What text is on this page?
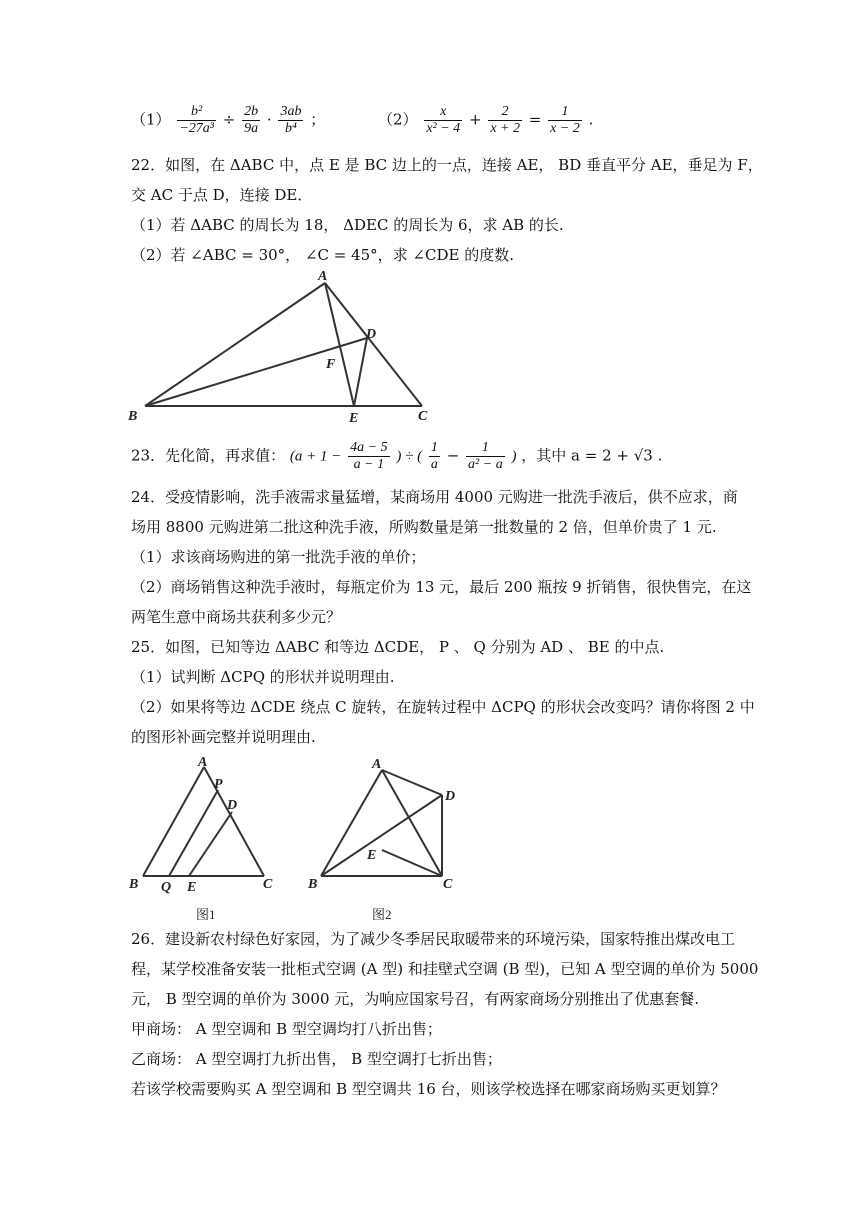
$(1) \frac{\text{b²}}{\text{−27a³}} \div \frac{2b}{9a} \cdot \frac{3ab}{\text{b⁴}}$ ；	$(2) \frac{x}{\text{x² − 4}} + \frac{2}{x + 2} = \frac{1}{x - 2}$ .
22．如图，在 ΔABC 中，点 E 是 BC 边上的一点，连接 AE， BD 垂直平分 AE，垂足为 F，
交 AC 于点 D，连接 DE．
（1）若 ΔABC 的周长为 18， ΔDEC 的周长为 6，求 AB 的长.
（2）若 ∠ABC = 30°， ∠C = 45°，求 ∠CDE 的度数.
A
B	C
D
E
F
23．先化简，再求值： ($a + 1 - \frac{4a - 5}{a - 1}$ ) ÷ ( $\frac{1}{a} - \frac{1}{\text{a² − a}}$ ) ，其中 a = 2 + √3 .
24．受疫情影响，洗手液需求量猛增，某商场用 4000 元购进一批洗手液后，供不应求，商
场用 8800 元购进第二批这种洗手液，所购数量是第一批数量的 2 倍，但单价贵了 1 元.
（1）求该商场购进的第一批洗手液的单价；
（2）商场销售这种洗手液时，每瓶定价为 13 元，最后 200 瓶按 9 折销售，很快售完，在这
两笔生意中商场共获利多少元？
25．如图，已知等边 ΔABC 和等边 ΔCDE， P 、 Q 分别为 AD 、 BE 的中点.
（1）试判断 ΔCPQ 的形状并说明理由.
（2）如果将等边 ΔCDE 绕点 C 旋转，在旋转过程中 ΔCPQ 的形状会改变吗？请你将图 2 中
的图形补画完整并说明理由.
A
P
D
B Q E	C
图1
A
D
E
B	C
图2
26．建设新农村绿色好家园，为了减少冬季居民取暖带来的环境污染，国家特推出煤改电工
程，某学校准备安装一批柜式空调 (A 型) 和挂壁式空调 (B 型)，已知 A 型空调的单价为 5000
元， B 型空调的单价为 3000 元，为响应国家号召，有两家商场分别推出了优惠套餐.
甲商场： A 型空调和 B 型空调均打八折出售；
乙商场： A 型空调打九折出售， B 型空调打七折出售；
若该学校需要购买 A 型空调和 B 型空调共 16 台，则该学校选择在哪家商场购买更划算？
